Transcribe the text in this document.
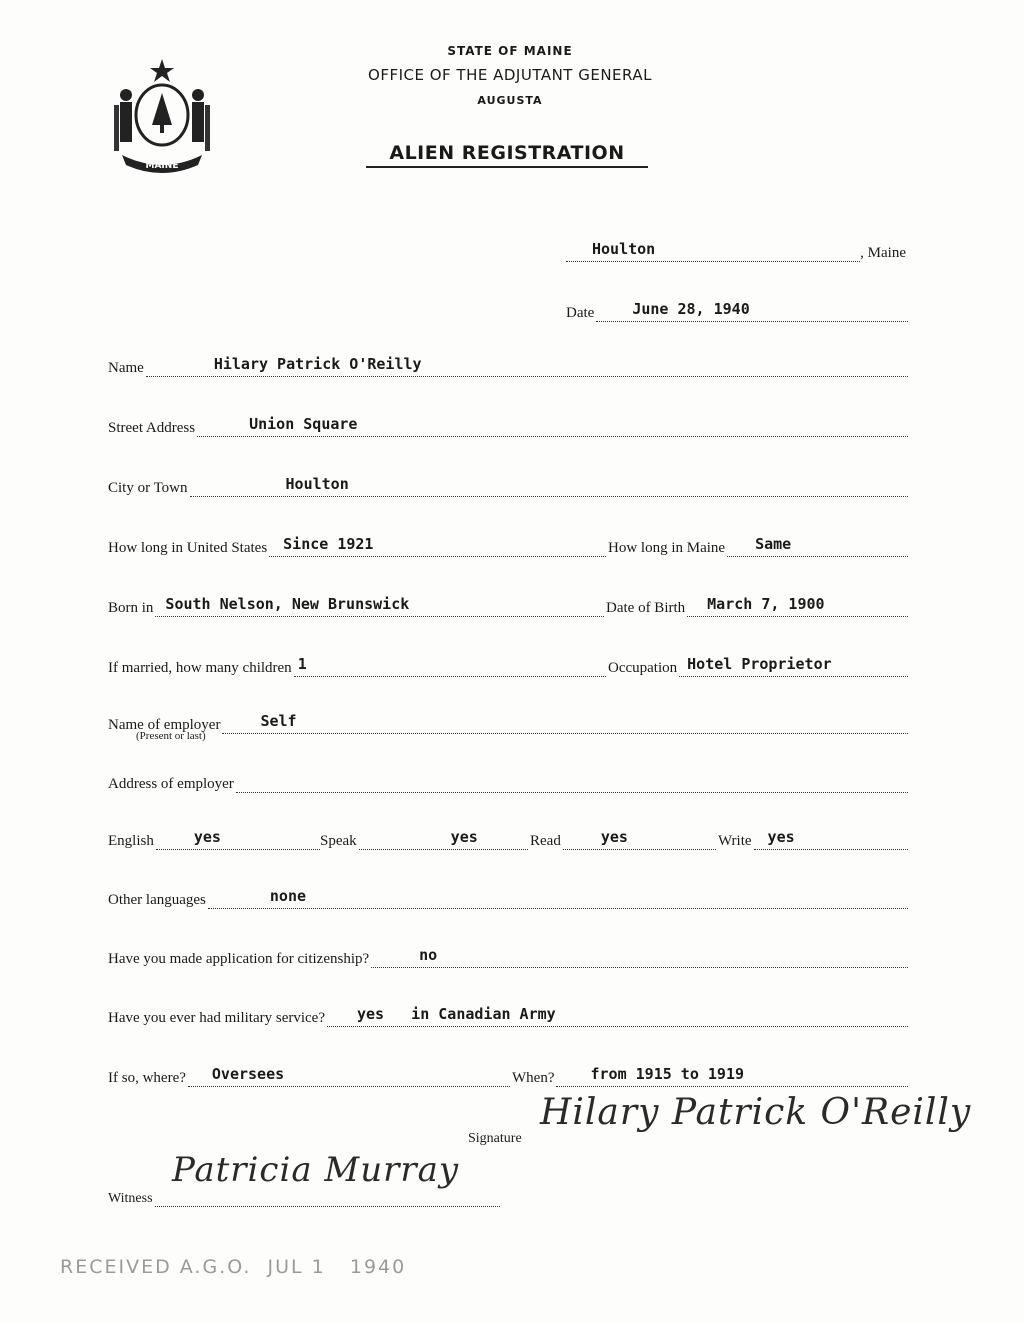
MAINE
STATE OF MAINE
OFFICE OF THE ADJUTANT GENERAL
AUGUSTA
ALIEN REGISTRATION
Houlton	, Maine
Date	June 28, 1940
Name	Hilary Patrick O'Reilly
Street Address	Union Square
City or Town	Houlton
How long in United States	Since 1921	How long in Maine	Same
Born in South Nelson, New Brunswick	Date of Birth	March 7, 1900
If married, how many children 1	Occupation Hotel Proprietor
Name of employer	Self
(Present or last)
Address of employer
English	yes	Speak	yes	Read	yes	Write	yes
Other languages	none
Have you made application for citizenship?	no
Have you ever had military service?	yes   in Canadian Army
If so, where?	Oversees	When?	from 1915 to 1919
Signature
Hilary Patrick O'Reilly
Witness
Patricia Murray
RECEIVED A.G.O.  JUL 1   1940
